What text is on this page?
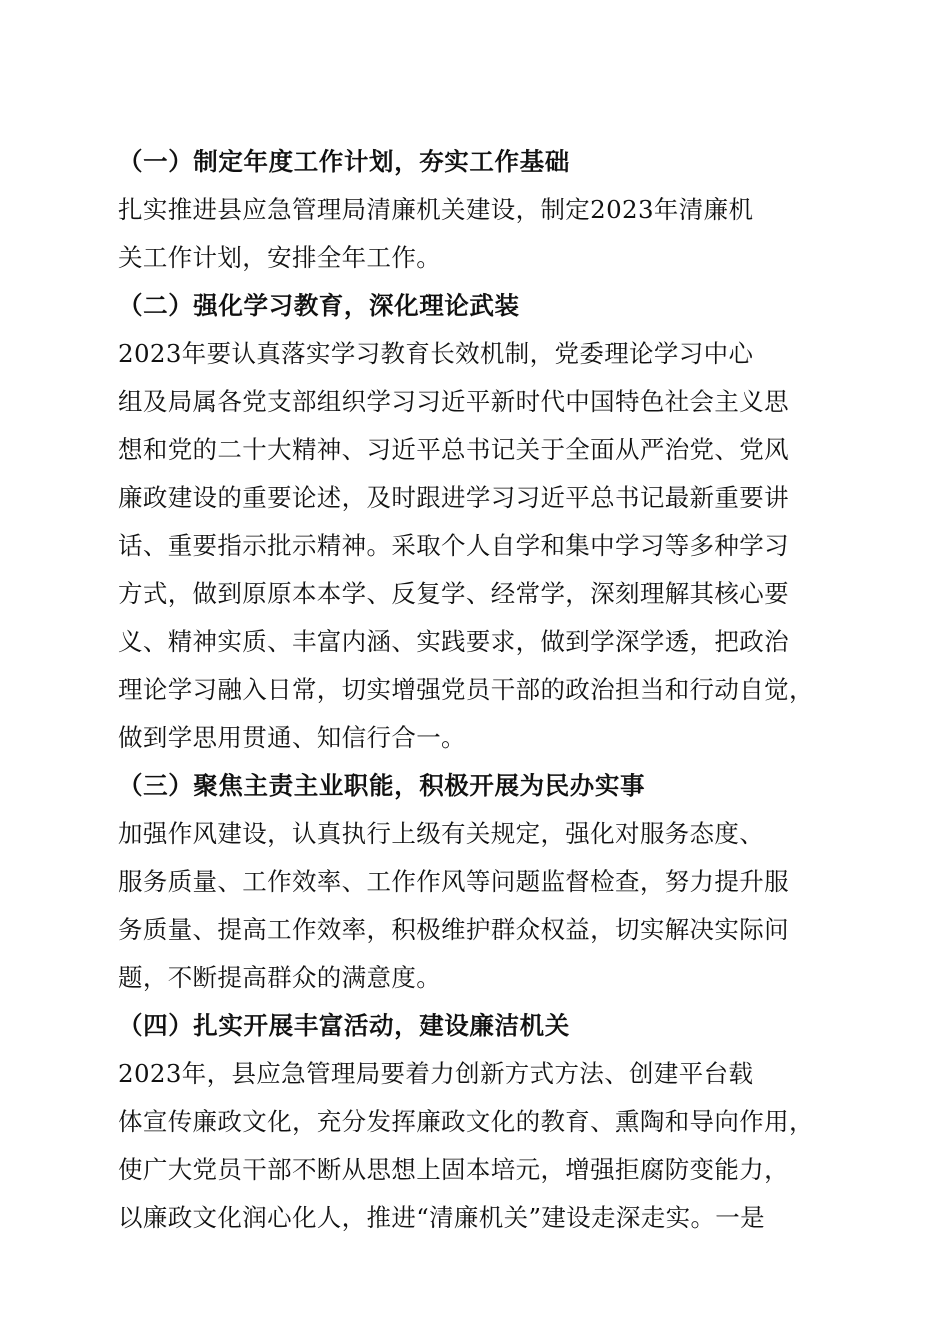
（一）制定年度工作计划，夯实工作基础
扎实推进县应急管理局清廉机关建设，制定2023年清廉机
关工作计划，安排全年工作。
（二）强化学习教育，深化理论武装
2023年要认真落实学习教育长效机制，党委理论学习中心
组及局属各党支部组织学习习近平新时代中国特色社会主义思
想和党的二十大精神、习近平总书记关于全面从严治党、党风
廉政建设的重要论述，及时跟进学习习近平总书记最新重要讲
话、重要指示批示精神。采取个人自学和集中学习等多种学习
方式，做到原原本本学、反复学、经常学，深刻理解其核心要
义、精神实质、丰富内涵、实践要求，做到学深学透，把政治
理论学习融入日常，切实增强党员干部的政治担当和行动自觉，
做到学思用贯通、知信行合一。
（三）聚焦主责主业职能，积极开展为民办实事
加强作风建设，认真执行上级有关规定，强化对服务态度、
服务质量、工作效率、工作作风等问题监督检查，努力提升服
务质量、提高工作效率，积极维护群众权益，切实解决实际问
题，不断提高群众的满意度。
（四）扎实开展丰富活动，建设廉洁机关
2023年，县应急管理局要着力创新方式方法、创建平台载
体宣传廉政文化，充分发挥廉政文化的教育、熏陶和导向作用，
使广大党员干部不断从思想上固本培元，增强拒腐防变能力，
以廉政文化润心化人，推进“清廉机关”建设走深走实。一是
